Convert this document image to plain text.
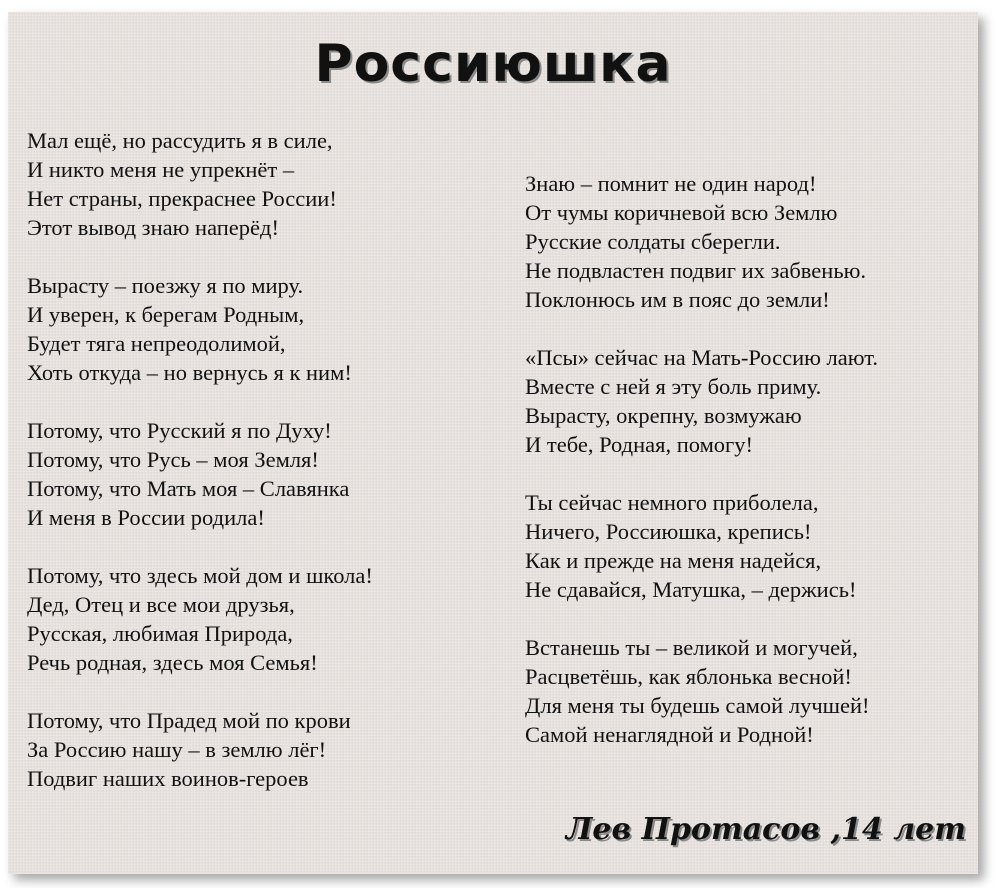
Россиюшка
Мал ещё, но рассудить я в силе,
И никто меня не упрекнёт –
Нет страны, прекраснее России!
Этот вывод знаю наперёд!
Вырасту – поезжу я по миру.
И уверен, к берегам Родным,
Будет тяга непреодолимой,
Хоть откуда – но вернусь я к ним!
Потому, что Русский я по Духу!
Потому, что Русь – моя Земля!
Потому, что Мать моя – Славянка
И меня в России родила!
Потому, что здесь мой дом и школа!
Дед, Отец и все мои друзья,
Русская, любимая Природа,
Речь родная, здесь моя Семья!
Потому, что Прадед мой по крови
За Россию нашу – в землю лёг!
Подвиг наших воинов-героев
Знаю – помнит не один народ!
От чумы коричневой всю Землю
Русские солдаты сберегли.
Не подвластен подвиг их забвенью.
Поклонюсь им в пояс до земли!
«Псы» сейчас на Мать-Россию лают.
Вместе с ней я эту боль приму.
Вырасту, окрепну, возмужаю
И тебе, Родная, помогу!
Ты сейчас немного приболела,
Ничего, Россиюшка, крепись!
Как и прежде на меня надейся,
Не сдавайся, Матушка, – держись!
Встанешь ты – великой и могучей,
Расцветёшь, как яблонька весной!
Для меня ты будешь самой лучшей!
Самой ненаглядной и Родной!
Лев Протасов ,14 лет
